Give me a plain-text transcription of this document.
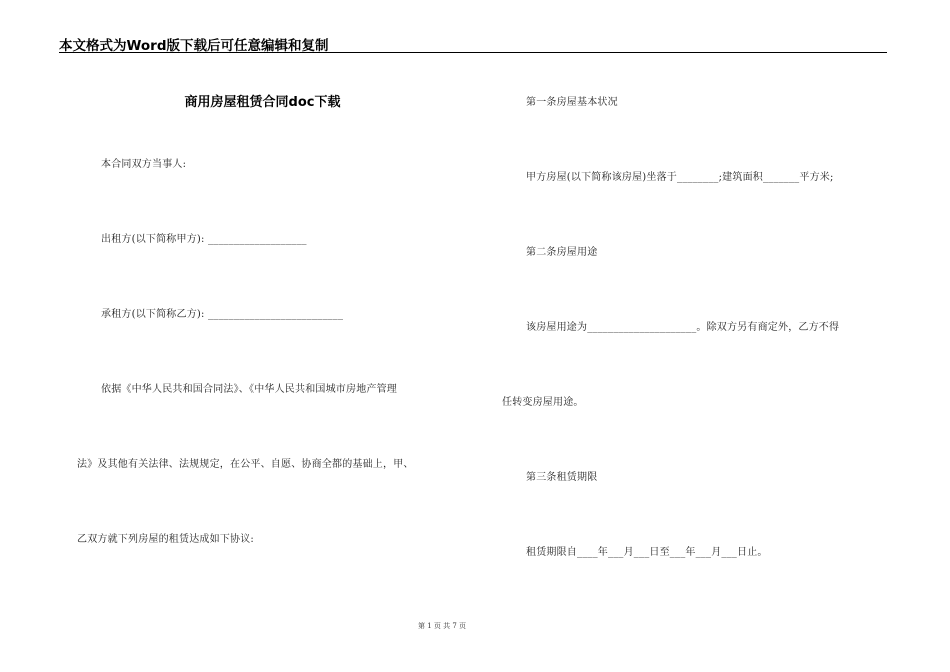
本文格式为Word版下载后可任意编辑和复制
商用房屋租赁合同doc下载
本合同双方当事人:
出租方(以下简称甲方): ___________________
承租方(以下简称乙方): __________________________
依据《中华人民共和国合同法》、《中华人民共和国城市房地产管理
法》及其他有关法律、法规规定，在公平、自愿、协商全都的基础上，甲、
乙双方就下列房屋的租赁达成如下协议:
第一条房屋基本状况
甲方房屋(以下简称该房屋)坐落于________;建筑面积_______平方米;
第二条房屋用途
该房屋用途为_____________________。除双方另有商定外，乙方不得
任转变房屋用途。
第三条租赁期限
租赁期限自____年___月___日至___年___月___日止。
第 1 页 共 7 页
